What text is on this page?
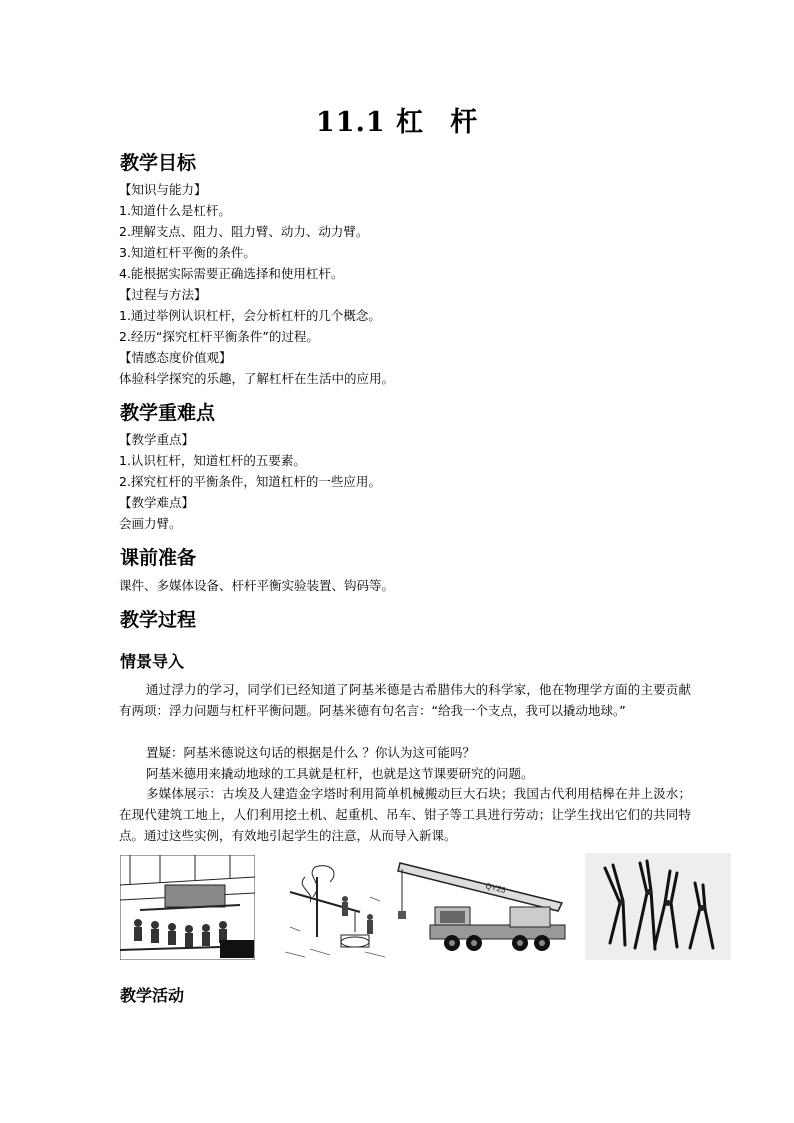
11.1 杠 杆
教学目标
【知识与能力】
1.知道什么是杠杆。
2.理解支点、阻力、阻力臂、动力、动力臂。
3.知道杠杆平衡的条件。
4.能根据实际需要正确选择和使用杠杆。
【过程与方法】
1.通过举例认识杠杆，会分析杠杆的几个概念。
2.经历“探究杠杆平衡条件”的过程。
【情感态度价值观】
体验科学探究的乐趣，了解杠杆在生活中的应用。
教学重难点
【教学重点】
1.认识杠杆，知道杠杆的五要素。
2.探究杠杆的平衡条件，知道杠杆的一些应用。
【教学难点】
会画力臂。
课前准备
课件、多媒体设备、杆杆平衡实验装置、钩码等。
教学过程
情景导入
通过浮力的学习，同学们已经知道了阿基米德是古希腊伟大的科学家，他在物理学方面的主要贡献有两项：浮力问题与杠杆平衡问题。阿基米德有句名言：“给我一个支点，我可以撬动地球。”
置疑：阿基米德说这句话的根据是什么 ？你认为这可能吗？
阿基米德用来撬动地球的工具就是杠杆，也就是这节课要研究的问题。
多媒体展示：古埃及人建造金字塔时利用简单机械搬动巨大石块；我国古代利用桔槔在井上汲水；在现代建筑工地上，人们利用挖土机、起重机、吊车、钳子等工具进行劳动；让学生找出它们的共同特点。通过这些实例，有效地引起学生的注意，从而导入新课。
QY25
教学活动
